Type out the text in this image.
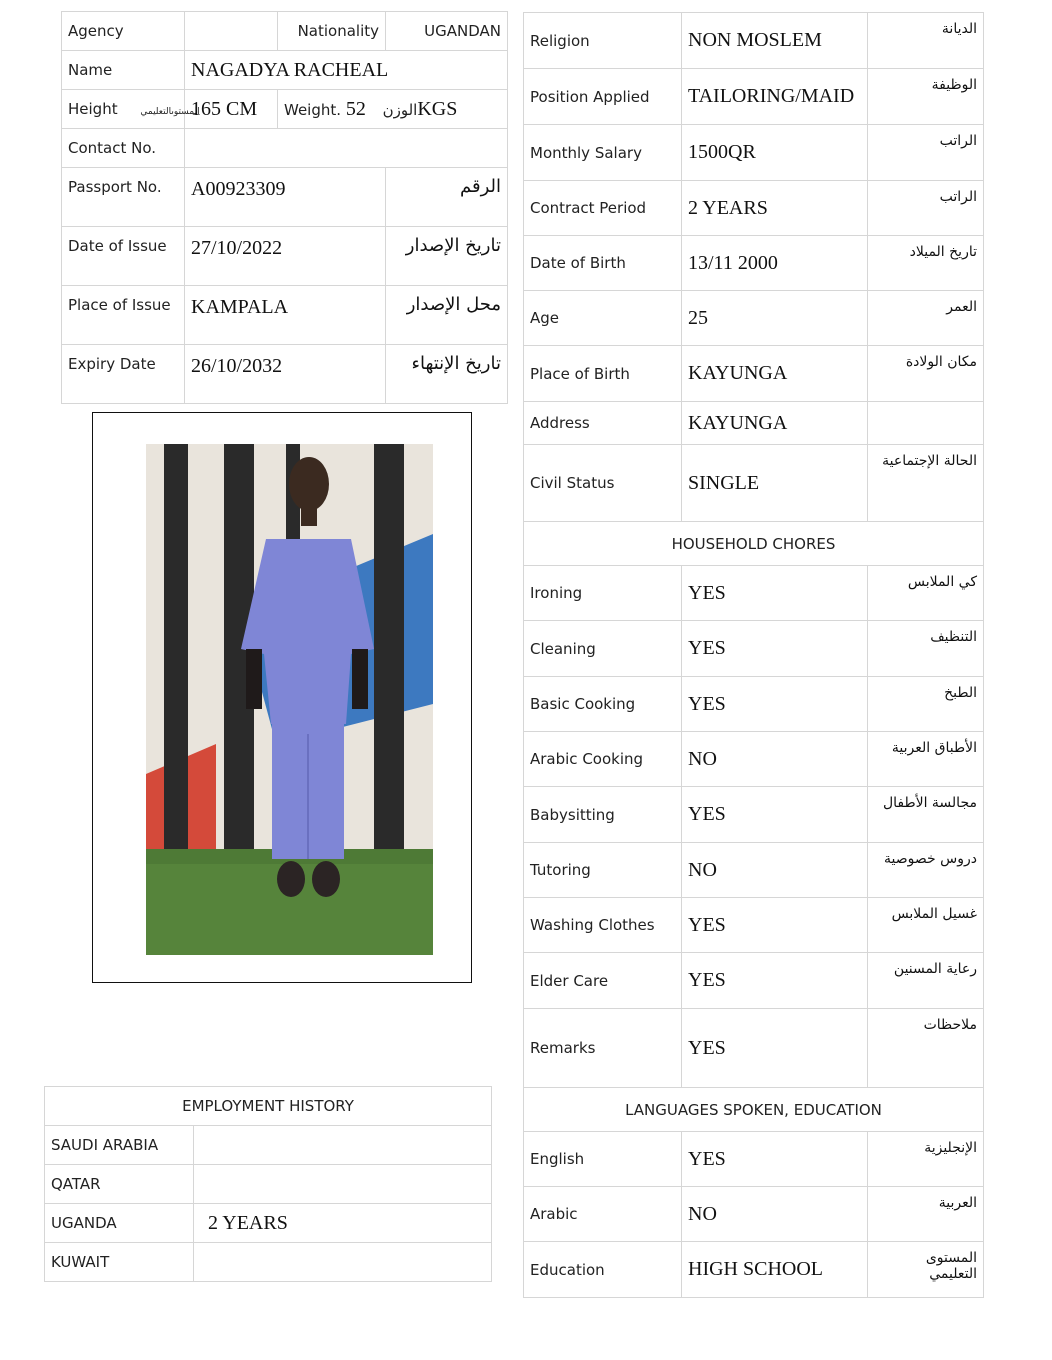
Agency		Nationality	UGANDAN
Name	NAGADYA RACHEAL		
Height المستوىالتعليمي	165 CM	Weight. الوزن 52KGS	
Contact No.			
Passport No.	A00923309		الرقم
Date of Issue	27/10/2022		تاريخ الإصدار
Place of Issue	KAMPALA		محل الإصدار
Expiry Date	26/10/2032		تاريخ الإنتهاء
Religion	NON MOSLEM	الديانة
Position Applied	TAILORING/MAID	الوظيفة
Monthly Salary	1500QR	الراتب
Contract Period	2 YEARS	الراتب
Date of Birth	13/11 2000	تاريخ الميلاد
Age	25	العمر
Place of Birth	KAYUNGA	مكان الولادة
Address	KAYUNGA	
Civil Status	SINGLE	الحالة الإجتماعية
HOUSEHOLD CHORES		
Ironing	YES	كي الملابس
Cleaning	YES	التنظيف
Basic Cooking	YES	الطبخ
Arabic Cooking	NO	الأطباق العربية
Babysitting	YES	مجالسة الأطفال
Tutoring	NO	دروس خصوصية
Washing Clothes	YES	غسيل الملابس
Elder Care	YES	رعاية المسنين
Remarks	YES	ملاحظات
LANGUAGES SPOKEN, EDUCATION		
English	YES	الإنجليزية
Arabic	NO	العربية
Education	HIGH SCHOOL	المستوى التعليمي
EMPLOYMENT HISTORY	
SAUDI ARABIA	
QATAR	
UGANDA	2 YEARS
KUWAIT	
